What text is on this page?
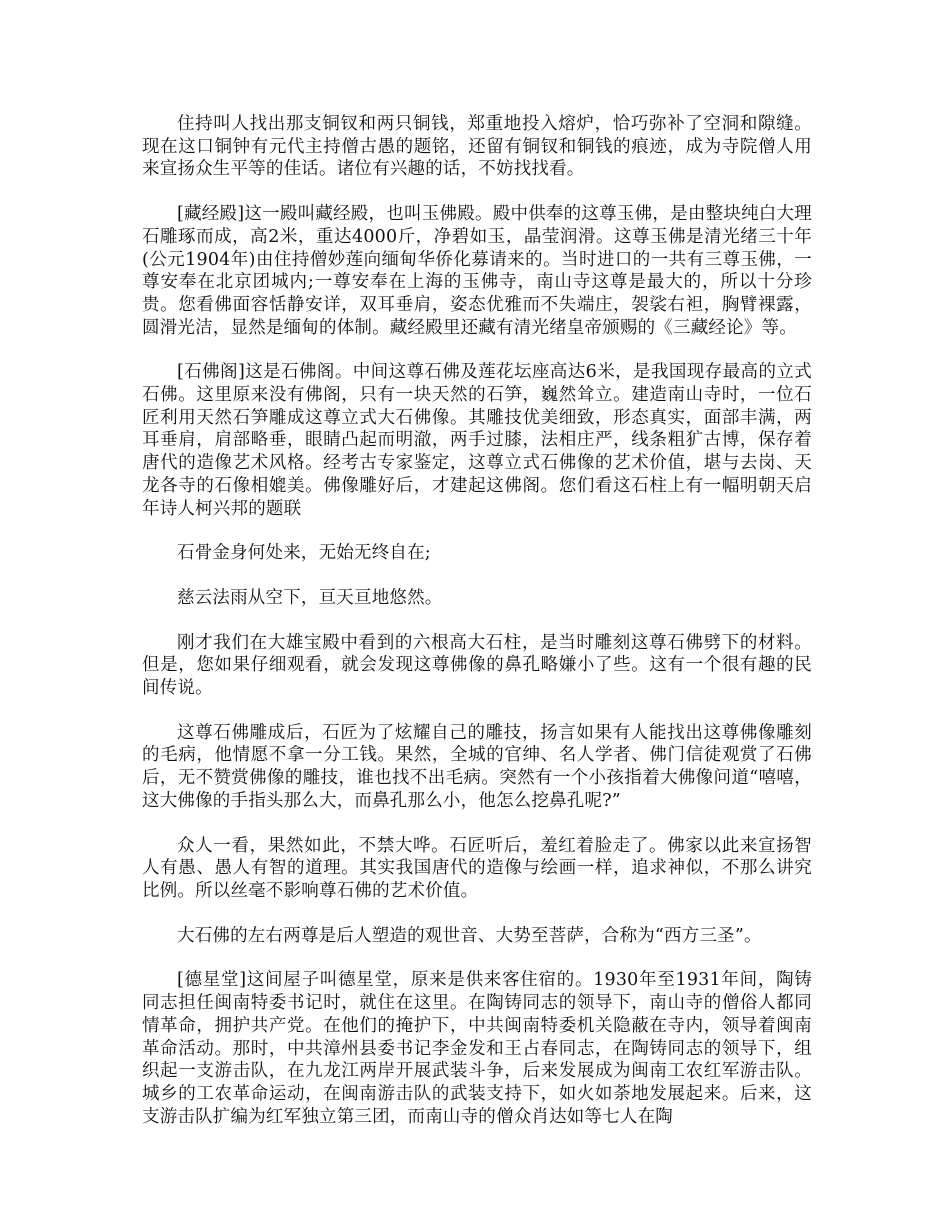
住持叫人找出那支铜钗和两只铜钱，郑重地投入熔炉，恰巧弥补了空洞和隙缝。现在这口铜钟有元代主持僧古愚的题铭，还留有铜钗和铜钱的痕迹，成为寺院僧人用来宣扬众生平等的佳话。诸位有兴趣的话，不妨找找看。

[藏经殿]这一殿叫藏经殿，也叫玉佛殿。殿中供奉的这尊玉佛，是由整块纯白大理石雕琢而成，高2米，重达4000斤，净碧如玉，晶莹润滑。这尊玉佛是清光绪三十年(公元1904年)由住持僧妙莲向缅甸华侨化募请来的。当时进口的一共有三尊玉佛，一尊安奉在北京团城内;一尊安奉在上海的玉佛寺，南山寺这尊是最大的，所以十分珍贵。您看佛面容恬静安详，双耳垂肩，姿态优雅而不失端庄，袈裟右袒，胸臂裸露，圆滑光洁，显然是缅甸的体制。藏经殿里还藏有清光绪皇帝颁赐的《三藏经论》等。

[石佛阁]这是石佛阁。中间这尊石佛及莲花坛座高达6米，是我国现存最高的立式石佛。这里原来没有佛阁，只有一块天然的石笋，巍然耸立。建造南山寺时，一位石匠利用天然石笋雕成这尊立式大石佛像。其雕技优美细致，形态真实，面部丰满，两耳垂肩，肩部略垂，眼睛凸起而明澈，两手过膝，法相庄严，线条粗犷古博，保存着唐代的造像艺术风格。经考古专家鉴定，这尊立式石佛像的艺术价值，堪与去岗、天龙各寺的石像相媲美。佛像雕好后，才建起这佛阁。您们看这石柱上有一幅明朝天启年诗人柯兴邦的题联

石骨金身何处来，无始无终自在;

慈云法雨从空下，亘天亘地悠然。

刚才我们在大雄宝殿中看到的六根高大石柱，是当时雕刻这尊石佛劈下的材料。但是，您如果仔细观看，就会发现这尊佛像的鼻孔略嫌小了些。这有一个很有趣的民间传说。

这尊石佛雕成后，石匠为了炫耀自己的雕技，扬言如果有人能找出这尊佛像雕刻的毛病，他情愿不拿一分工钱。果然，全城的官绅、名人学者、佛门信徒观赏了石佛后，无不赞赏佛像的雕技，谁也找不出毛病。突然有一个小孩指着大佛像问道“嘻嘻，这大佛像的手指头那么大，而鼻孔那么小，他怎么挖鼻孔呢?”

众人一看，果然如此，不禁大哗。石匠听后，羞红着脸走了。佛家以此来宣扬智人有愚、愚人有智的道理。其实我国唐代的造像与绘画一样，追求神似，不那么讲究比例。所以丝毫不影响尊石佛的艺术价值。

大石佛的左右两尊是后人塑造的观世音、大势至菩萨，合称为“西方三圣”。

[德星堂]这间屋子叫德星堂，原来是供来客住宿的。1930年至1931年间，陶铸同志担任闽南特委书记时，就住在这里。在陶铸同志的领导下，南山寺的僧俗人都同情革命，拥护共产党。在他们的掩护下，中共闽南特委机关隐蔽在寺内，领导着闽南革命活动。那时，中共漳州县委书记李金发和王占春同志，在陶铸同志的领导下，组织起一支游击队，在九龙江两岸开展武装斗争，后来发展成为闽南工农红军游击队。城乡的工农革命运动，在闽南游击队的武装支持下，如火如荼地发展起来。后来，这支游击队扩编为红军独立第三团，而南山寺的僧众肖达如等七人在陶
